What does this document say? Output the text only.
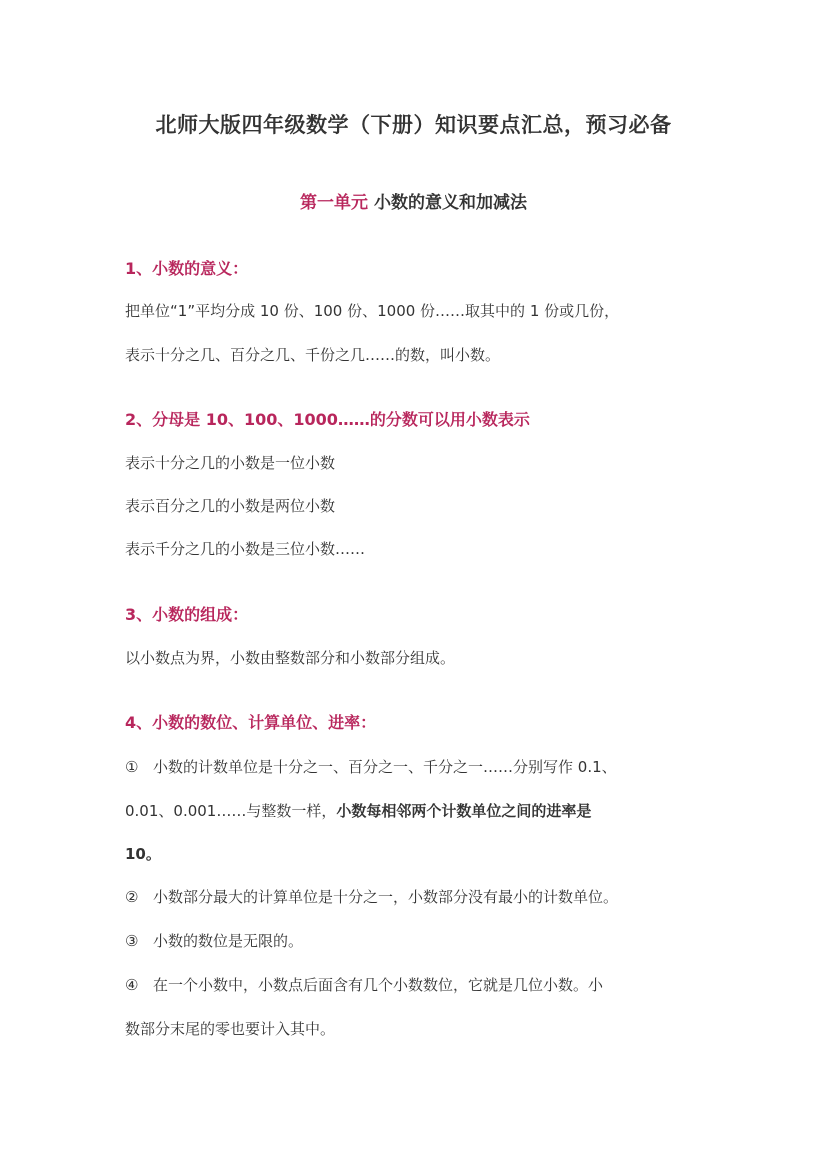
北师大版四年级数学（下册）知识要点汇总，预习必备
第一单元 小数的意义和加减法
1、小数的意义：
把单位“1”平均分成 10 份、100 份、1000 份……取其中的 1 份或几份，
表示十分之几、百分之几、千份之几……的数，叫小数。
2、分母是 10、100、1000……的分数可以用小数表示
表示十分之几的小数是一位小数
表示百分之几的小数是两位小数
表示千分之几的小数是三位小数……
3、小数的组成：
以小数点为界，小数由整数部分和小数部分组成。
4、小数的数位、计算单位、进率：
① 小数的计数单位是十分之一、百分之一、千分之一……分别写作 0.1、
0.01、0.001……与整数一样，小数每相邻两个计数单位之间的进率是
10。
② 小数部分最大的计算单位是十分之一，小数部分没有最小的计数单位。
③ 小数的数位是无限的。
④ 在一个小数中，小数点后面含有几个小数数位，它就是几位小数。小
数部分末尾的零也要计入其中。
